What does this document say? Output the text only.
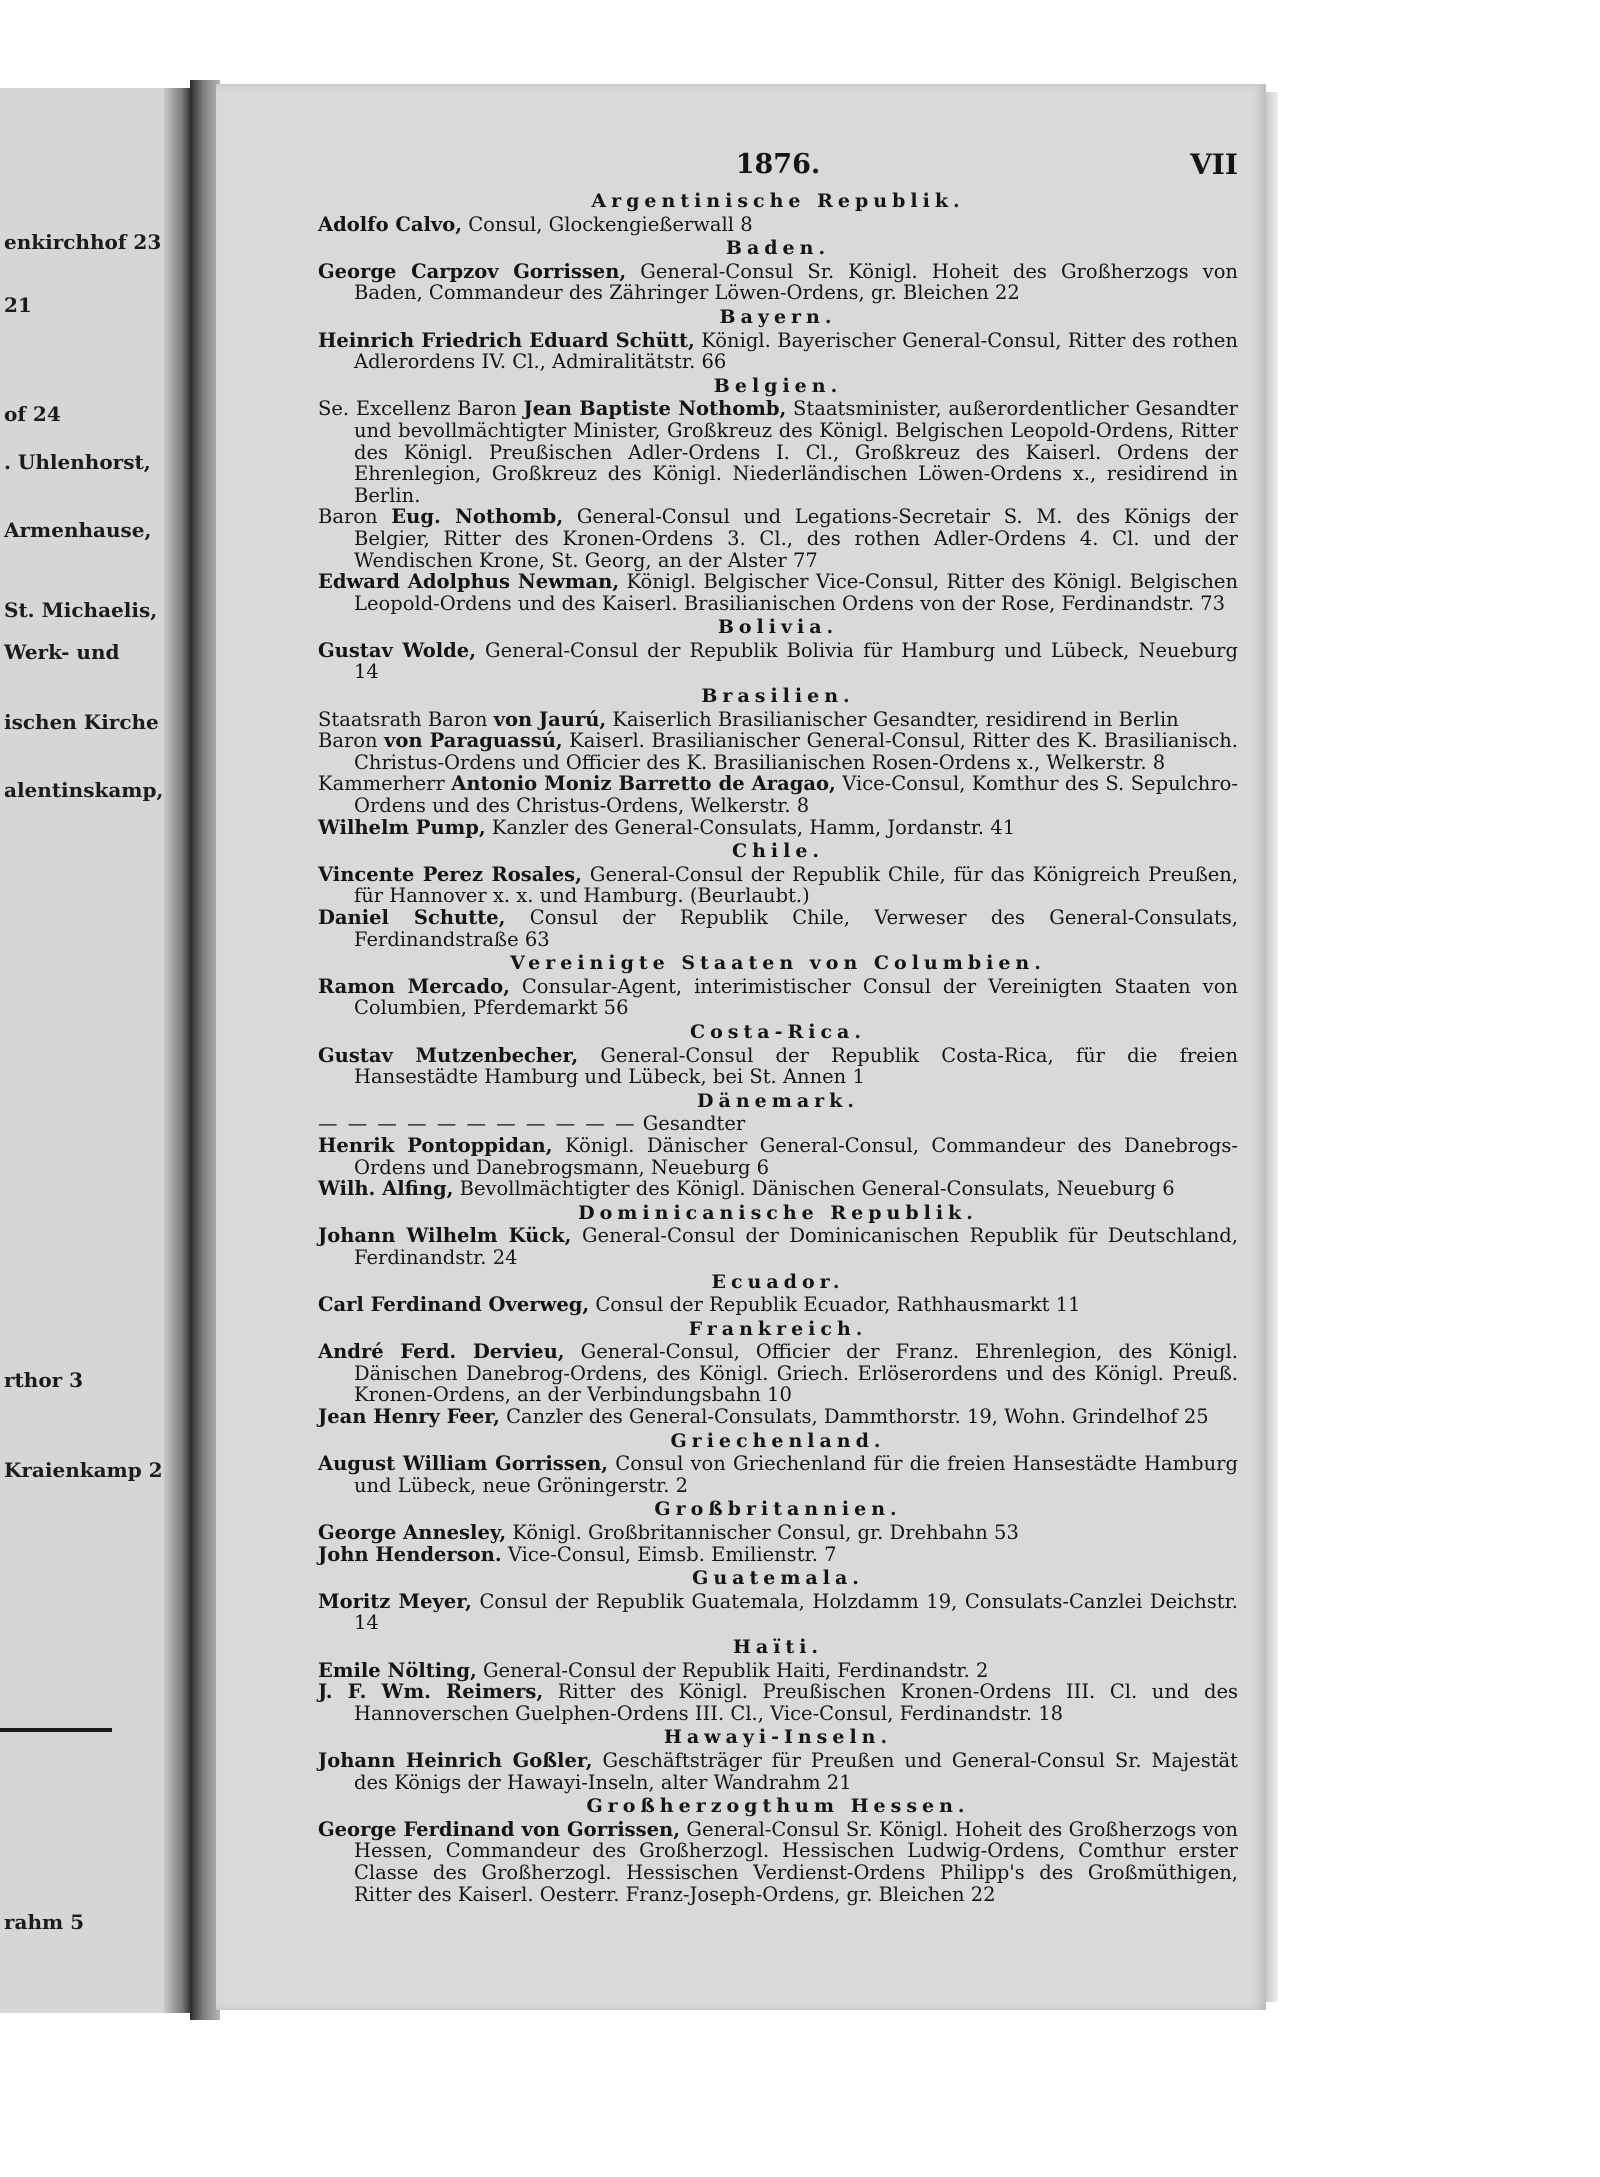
enkirchhof 23
21
of 24
. Uhlenhorst,
Armenhause,
St. Michaelis,
Werk- und
ischen Kirche
alentinskamp,
rthor 3
Kraienkamp 2
rahm 5
1876.	VII
Argentinische Republik.
Adolfo Calvo, Consul, Glockengießerwall 8
Baden.
George Carpzov Gorrissen, General-Consul Sr. Königl. Hoheit des Großherzogs von Baden, Commandeur des Zähringer Löwen-Ordens, gr. Bleichen 22
Bayern.
Heinrich Friedrich Eduard Schütt, Königl. Bayerischer General-Consul, Ritter des rothen Adlerordens IV. Cl., Admiralitätstr. 66
Belgien.
Se. Excellenz Baron Jean Baptiste Nothomb, Staatsminister, außerordentlicher Gesandter und bevollmächtigter Minister, Großkreuz des Königl. Belgischen Leopold-Ordens, Ritter des Königl. Preußischen Adler-Ordens I. Cl., Großkreuz des Kaiserl. Ordens der Ehrenlegion, Großkreuz des Königl. Niederländischen Löwen-Ordens x., residirend in Berlin.
Baron Eug. Nothomb, General-Consul und Legations-Secretair S. M. des Königs der Belgier, Ritter des Kronen-Ordens 3. Cl., des rothen Adler-Ordens 4. Cl. und der Wendischen Krone, St. Georg, an der Alster 77
Edward Adolphus Newman, Königl. Belgischer Vice-Consul, Ritter des Königl. Belgischen Leopold-Ordens und des Kaiserl. Brasilianischen Ordens von der Rose, Ferdinandstr. 73
Bolivia.
Gustav Wolde, General-Consul der Republik Bolivia für Hamburg und Lübeck, Neueburg 14
Brasilien.
Staatsrath Baron von Jaurú, Kaiserlich Brasilianischer Gesandter, residirend in Berlin
Baron von Paraguassú, Kaiserl. Brasilianischer General-Consul, Ritter des K. Brasilianisch. Christus-Ordens und Officier des K. Brasilianischen Rosen-Ordens x., Welkerstr. 8
Kammerherr Antonio Moniz Barretto de Aragao, Vice-Consul, Komthur des S. Sepulchro-Ordens und des Christus-Ordens, Welkerstr. 8
Wilhelm Pump, Kanzler des General-Consulats, Hamm, Jordanstr. 41
Chile.
Vincente Perez Rosales, General-Consul der Republik Chile, für das Königreich Preußen, für Hannover x. x. und Hamburg. (Beurlaubt.)
Daniel Schutte, Consul der Republik Chile, Verweser des General-Consulats, Ferdinandstraße 63
Vereinigte Staaten von Columbien.
Ramon Mercado, Consular-Agent, interimistischer Consul der Vereinigten Staaten von Columbien, Pferdemarkt 56
Costa-Rica.
Gustav Mutzenbecher, General-Consul der Republik Costa-Rica, für die freien Hansestädte Hamburg und Lübeck, bei St. Annen 1
Dänemark.
— — — — — — — — — — — Gesandter
Henrik Pontoppidan, Königl. Dänischer General-Consul, Commandeur des Danebrogs-Ordens und Danebrogsmann, Neueburg 6
Wilh. Alfing, Bevollmächtigter des Königl. Dänischen General-Consulats, Neueburg 6
Dominicanische Republik.
Johann Wilhelm Kück, General-Consul der Dominicanischen Republik für Deutschland, Ferdinandstr. 24
Ecuador.
Carl Ferdinand Overweg, Consul der Republik Ecuador, Rathhausmarkt 11
Frankreich.
André Ferd. Dervieu, General-Consul, Officier der Franz. Ehrenlegion, des Königl. Dänischen Danebrog-Ordens, des Königl. Griech. Erlöserordens und des Königl. Preuß. Kronen-Ordens, an der Verbindungsbahn 10
Jean Henry Feer, Canzler des General-Consulats, Dammthorstr. 19, Wohn. Grindelhof 25
Griechenland.
August William Gorrissen, Consul von Griechenland für die freien Hansestädte Hamburg und Lübeck, neue Gröningerstr. 2
Großbritannien.
George Annesley, Königl. Großbritannischer Consul, gr. Drehbahn 53
John Henderson. Vice-Consul, Eimsb. Emilienstr. 7
Guatemala.
Moritz Meyer, Consul der Republik Guatemala, Holzdamm 19, Consulats-Canzlei Deichstr. 14
Haïti.
Emile Nölting, General-Consul der Republik Haiti, Ferdinandstr. 2
J. F. Wm. Reimers, Ritter des Königl. Preußischen Kronen-Ordens III. Cl. und des Hannoverschen Guelphen-Ordens III. Cl., Vice-Consul, Ferdinandstr. 18
Hawayi-Inseln.
Johann Heinrich Goßler, Geschäftsträger für Preußen und General-Consul Sr. Majestät des Königs der Hawayi-Inseln, alter Wandrahm 21
Großherzogthum Hessen.
George Ferdinand von Gorrissen, General-Consul Sr. Königl. Hoheit des Großherzogs von Hessen, Commandeur des Großherzogl. Hessischen Ludwig-Ordens, Comthur erster Classe des Großherzogl. Hessischen Verdienst-Ordens Philipp's des Großmüthigen, Ritter des Kaiserl. Oesterr. Franz-Joseph-Ordens, gr. Bleichen 22
